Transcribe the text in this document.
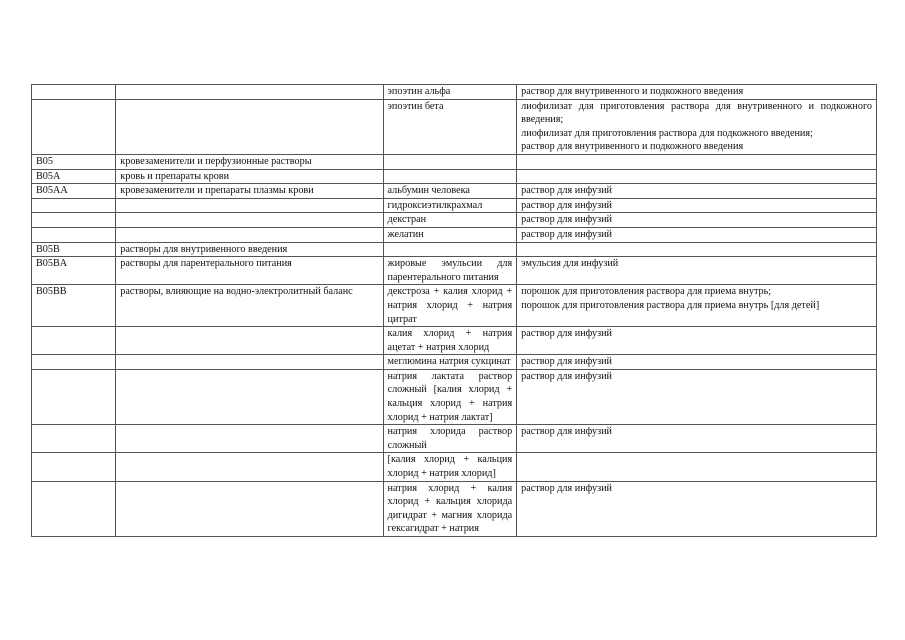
		эпоэтин альфа	раствор для внутривенного и подкожного введения

		эпоэтин бета	лиофилизат для приготовления раствора для внутривенного и подкожного введения;
лиофилизат для приготовления раствора для подкожного введения;
раствор для внутривенного и подкожного введения

B05	кровезаменители и перфузионные растворы		

B05A	кровь и препараты крови		

B05AA	кровезаменители и препараты плазмы крови	альбумин человека	раствор для инфузий

		гидроксиэтилкрахмал	раствор для инфузий

		декстран	раствор для инфузий

		желатин	раствор для инфузий

B05B	растворы для внутривенного введения		

B05BA	растворы для парентерального питания	жировые эмульсии для парентерального питания	эмульсия для инфузий

B05BB	растворы, влияющие на водно-электролитный баланс	декстроза + калия хлорид + натрия хлорид + натрия цитрат	порошок для приготовления раствора для приема внутрь;
порошок для приготовления раствора для приема внутрь [для детей]

		калия хлорид + натрия ацетат + натрия хлорид	раствор для инфузий

		меглюмина натрия сукцинат	раствор для инфузий

		натрия лактата раствор сложный [калия хлорид + кальция хлорид + натрия хлорид + натрия лактат]	раствор для инфузий

		натрия хлорида раствор сложный	раствор для инфузий

		[калия хлорид + кальция хлорид + натрия хлорид]	

		натрия хлорид + калия хлорид + кальция хлорида дигидрат + магния хлорида гексагидрат + натрия	раствор для инфузий
